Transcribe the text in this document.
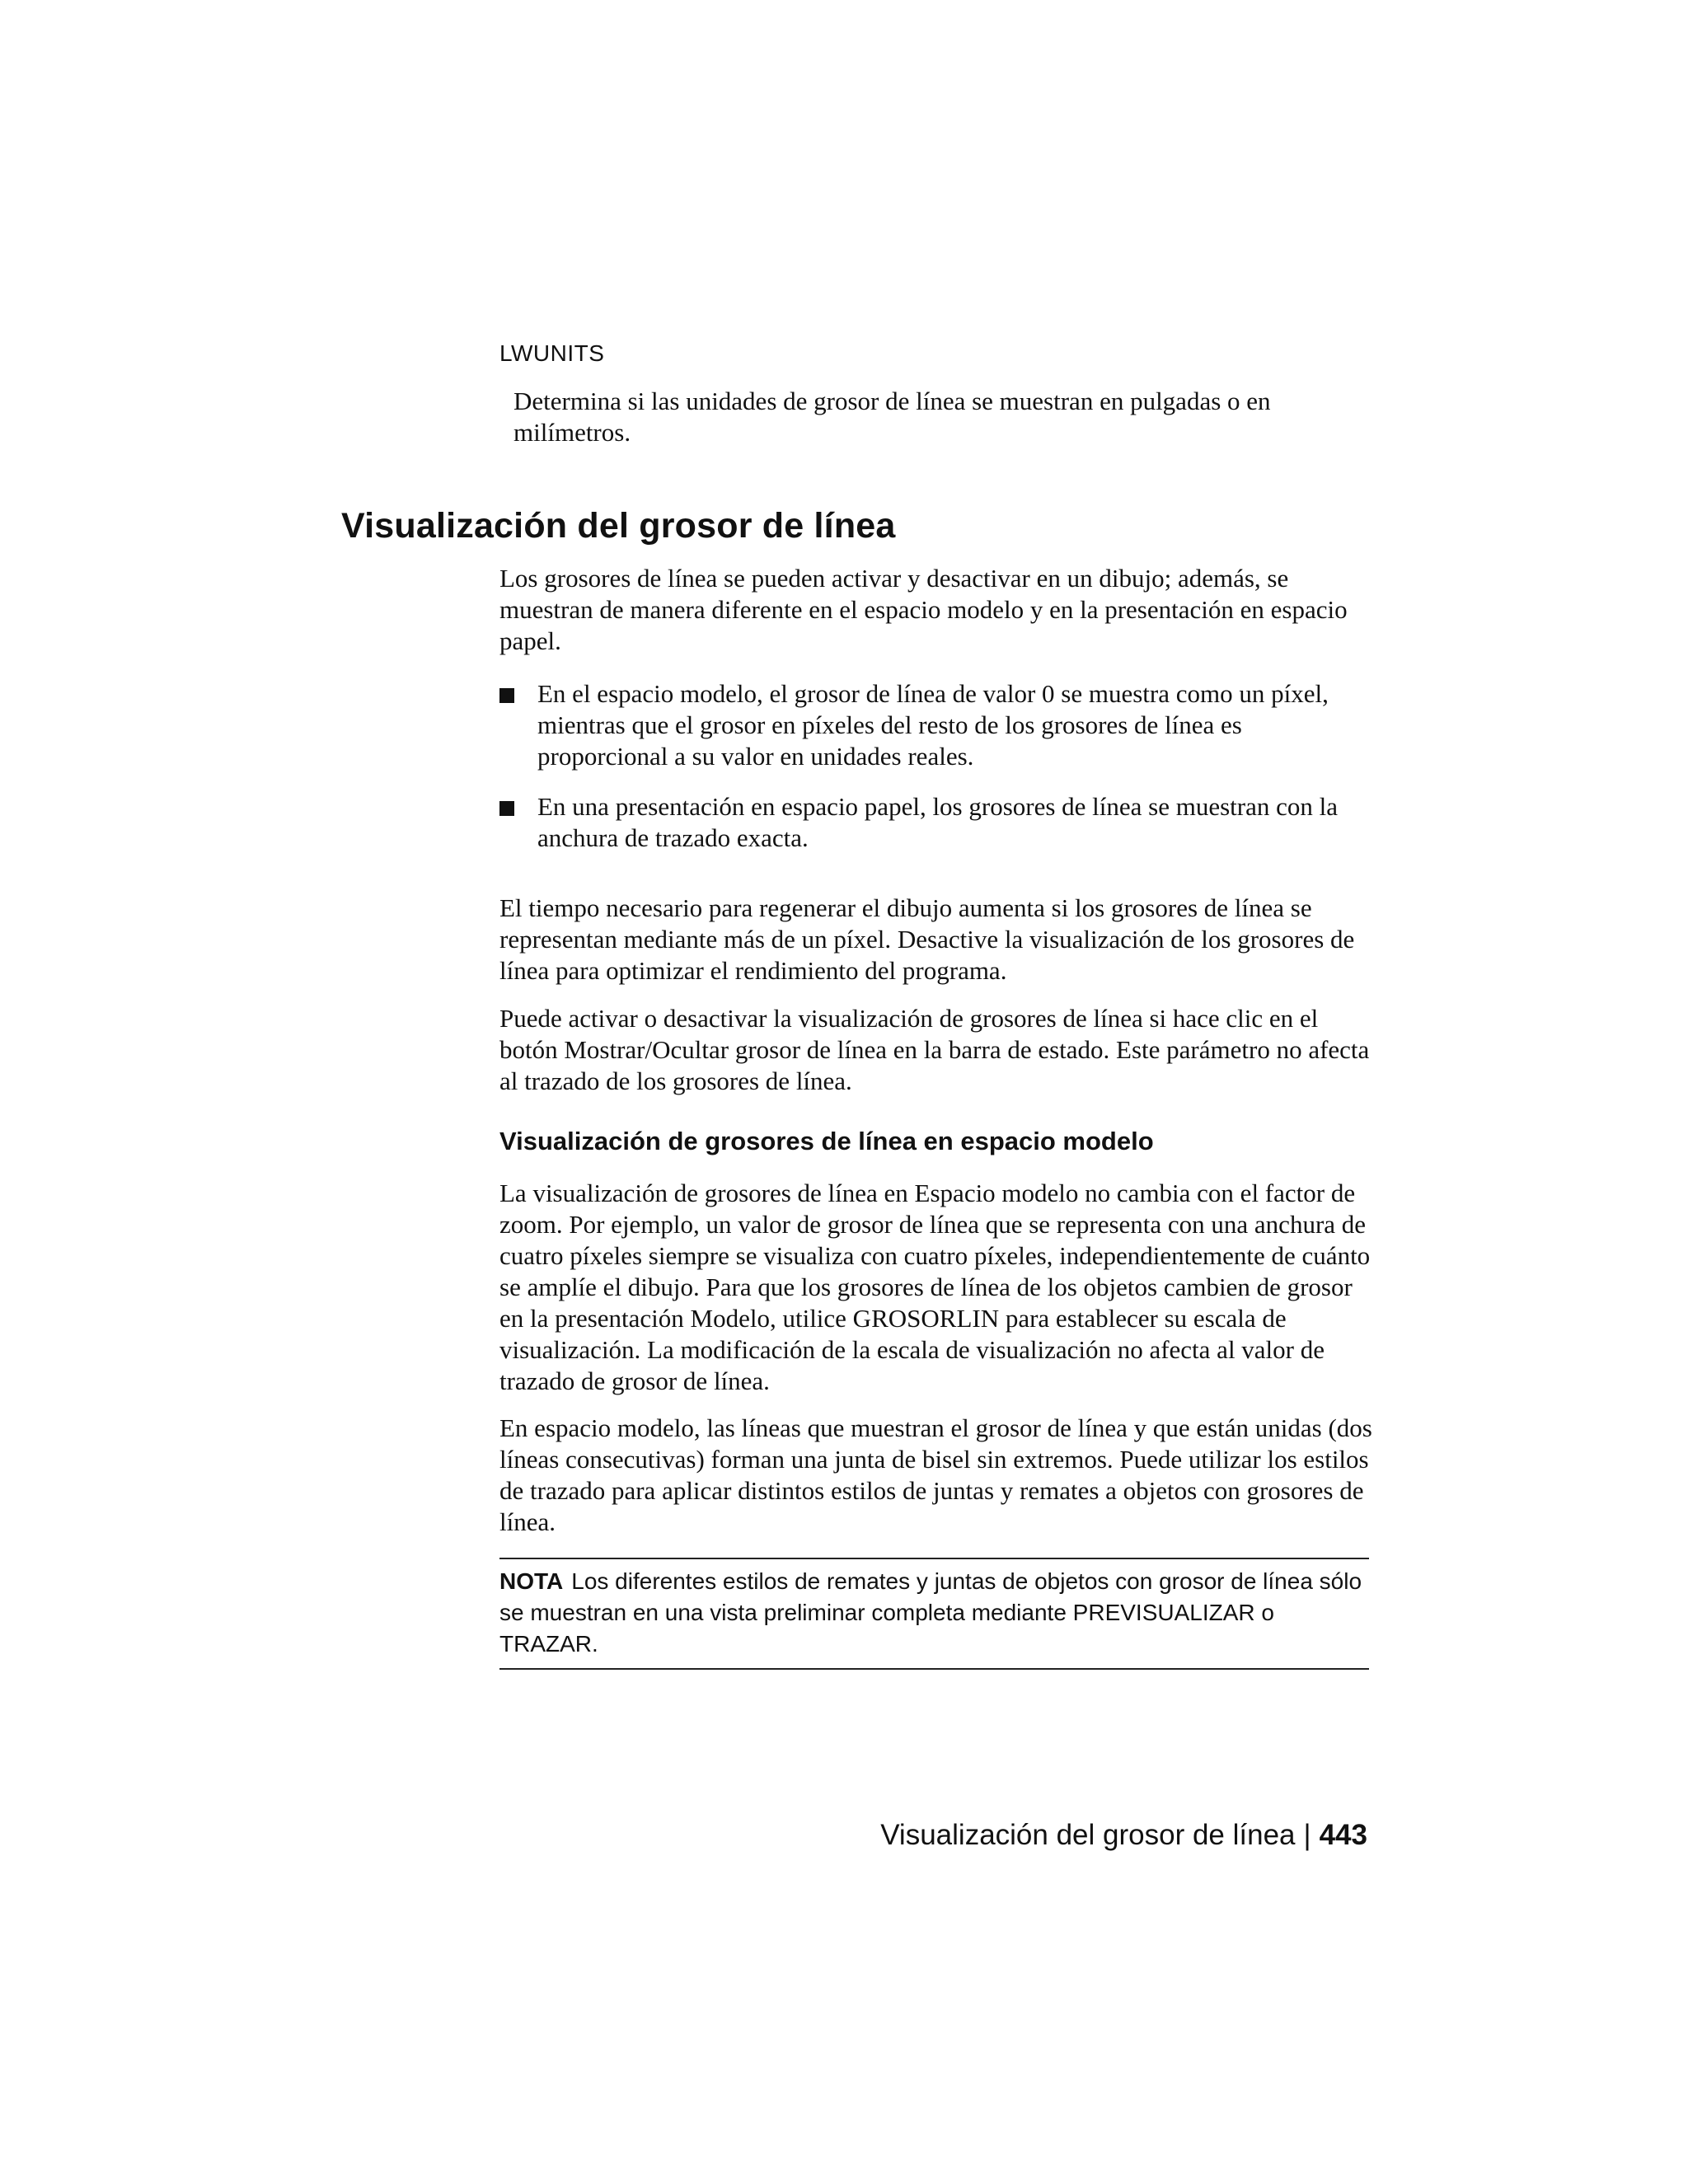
LWUNITS
Determina si las unidades de grosor de línea se muestran en pulgadas o en milímetros.
Visualización del grosor de línea
Los grosores de línea se pueden activar y desactivar en un dibujo; además, se muestran de manera diferente en el espacio modelo y en la presentación en espacio papel.
En el espacio modelo, el grosor de línea de valor 0 se muestra como un píxel, mientras que el grosor en píxeles del resto de los grosores de línea es proporcional a su valor en unidades reales.
En una presentación en espacio papel, los grosores de línea se muestran con la anchura de trazado exacta.
El tiempo necesario para regenerar el dibujo aumenta si los grosores de línea se representan mediante más de un píxel. Desactive la visualización de los grosores de línea para optimizar el rendimiento del programa.
Puede activar o desactivar la visualización de grosores de línea si hace clic en el botón Mostrar/Ocultar grosor de línea en la barra de estado. Este parámetro no afecta al trazado de los grosores de línea.
Visualización de grosores de línea en espacio modelo
La visualización de grosores de línea en Espacio modelo no cambia con el factor de zoom. Por ejemplo, un valor de grosor de línea que se representa con una anchura de cuatro píxeles siempre se visualiza con cuatro píxeles, independientemente de cuánto se amplíe el dibujo. Para que los grosores de línea de los objetos cambien de grosor en la presentación Modelo, utilice GROSORLIN para establecer su escala de visualización. La modificación de la escala de visualización no afecta al valor de trazado de grosor de línea.
En espacio modelo, las líneas que muestran el grosor de línea y que están unidas (dos líneas consecutivas) forman una junta de bisel sin extremos. Puede utilizar los estilos de trazado para aplicar distintos estilos de juntas y remates a objetos con grosores de línea.
NOTA Los diferentes estilos de remates y juntas de objetos con grosor de línea sólo se muestran en una vista preliminar completa mediante PREVISUALIZAR o TRAZAR.
Visualización del grosor de línea | 443
